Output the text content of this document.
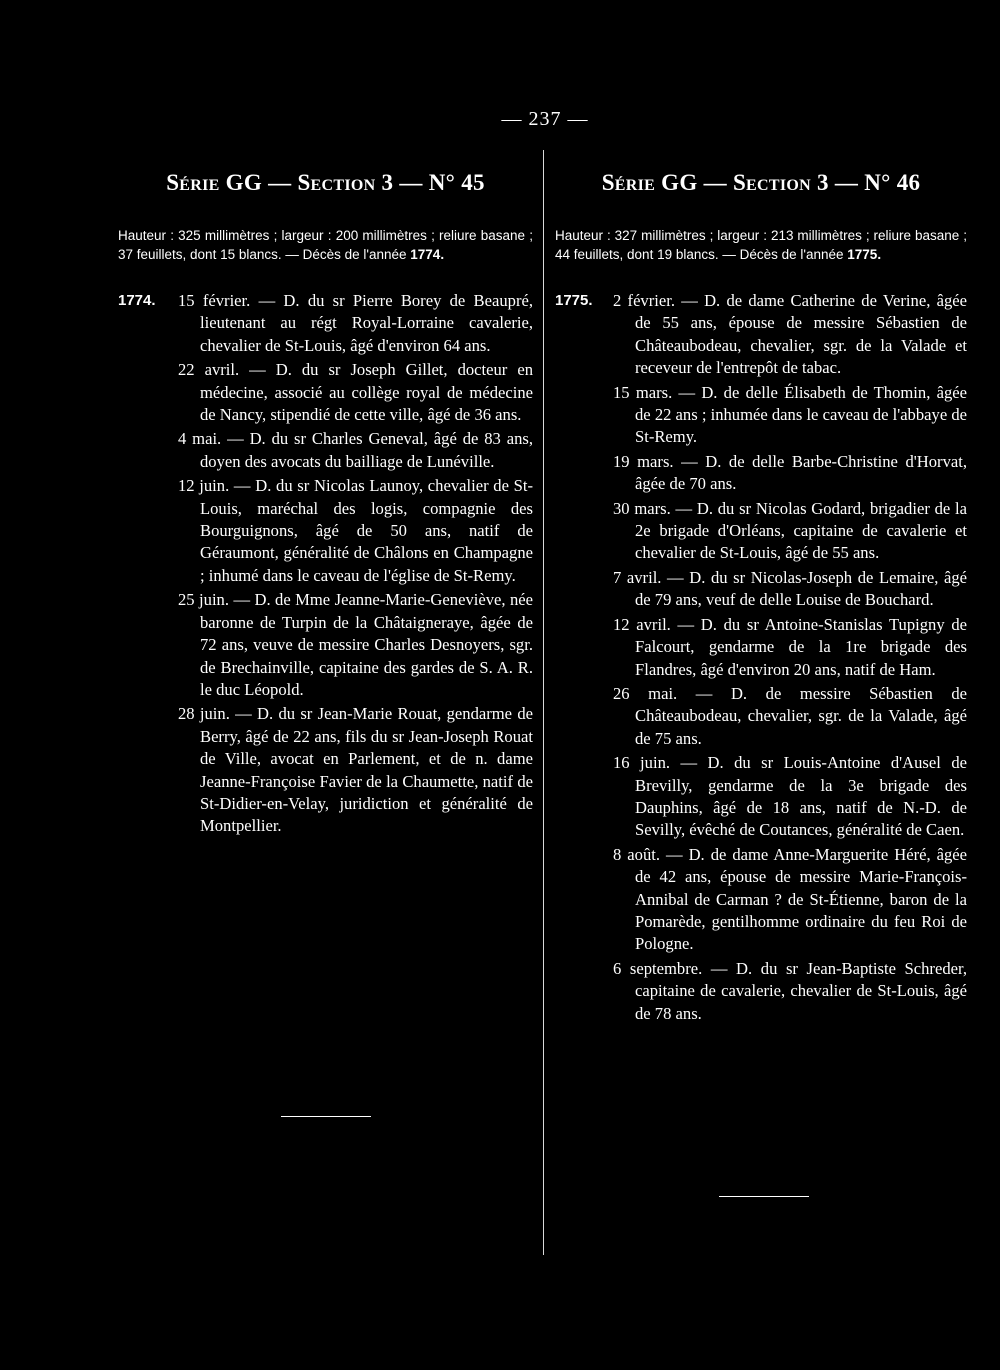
— 237 —
Série GG — Section 3 — N° 45

Hauteur : 325 millimètres ; largeur : 200 millimètres ; reliure basane ; 37 feuillets, dont 15 blancs. — Décès de l'année 1774.

1774. 15 février. — D. du sr Pierre Borey de Beaupré, lieutenant au régt Royal-Lorraine cavalerie, chevalier de St-Louis, âgé d'environ 64 ans.

22 avril. — D. du sr Joseph Gillet, docteur en médecine, associé au collège royal de médecine de Nancy, stipendié de cette ville, âgé de 36 ans.

4 mai. — D. du sr Charles Geneval, âgé de 83 ans, doyen des avocats du bailliage de Lunéville.

12 juin. — D. du sr Nicolas Launoy, chevalier de St-Louis, maréchal des logis, compagnie des Bourguignons, âgé de 50 ans, natif de Géraumont, généralité de Châlons en Champagne ; inhumé dans le caveau de l'église de St-Remy.

25 juin. — D. de Mme Jeanne-Marie-Geneviève, née baronne de Turpin de la Châtaigneraye, âgée de 72 ans, veuve de messire Charles Desnoyers, sgr. de Brechainville, capitaine des gardes de S. A. R. le duc Léopold.

28 juin. — D. du sr Jean-Marie Rouat, gendarme de Berry, âgé de 22 ans, fils du sr Jean-Joseph Rouat de Ville, avocat en Parlement, et de n. dame Jeanne-Françoise Favier de la Chaumette, natif de St-Didier-en-Velay, juridiction et généralité de Montpellier.

Série GG — Section 3 — N° 46

Hauteur : 327 millimètres ; largeur : 213 millimètres ; reliure basane ; 44 feuillets, dont 19 blancs. — Décès de l'année 1775.

1775. 2 février. — D. de dame Catherine de Verine, âgée de 55 ans, épouse de messire Sébastien de Châteaubodeau, chevalier, sgr. de la Valade et receveur de l'entrepôt de tabac.

15 mars. — D. de delle Élisabeth de Thomin, âgée de 22 ans ; inhumée dans le caveau de l'abbaye de St-Remy.

19 mars. — D. de delle Barbe-Christine d'Horvat, âgée de 70 ans.

30 mars. — D. du sr Nicolas Godard, brigadier de la 2e brigade d'Orléans, capitaine de cavalerie et chevalier de St-Louis, âgé de 55 ans.

7 avril. — D. du sr Nicolas-Joseph de Lemaire, âgé de 79 ans, veuf de delle Louise de Bouchard.

12 avril. — D. du sr Antoine-Stanislas Tupigny de Falcourt, gendarme de la 1re brigade des Flandres, âgé d'environ 20 ans, natif de Ham.

26 mai. — D. de messire Sébastien de Châteaubodeau, chevalier, sgr. de la Valade, âgé de 75 ans.

16 juin. — D. du sr Louis-Antoine d'Ausel de Brevilly, gendarme de la 3e brigade des Dauphins, âgé de 18 ans, natif de N.-D. de Sevilly, évêché de Coutances, généralité de Caen.

8 août. — D. de dame Anne-Marguerite Héré, âgée de 42 ans, épouse de messire Marie-François-Annibal de Carman ? de St-Étienne, baron de la Pomarède, gentilhomme ordinaire du feu Roi de Pologne.

6 septembre. — D. du sr Jean-Baptiste Schreder, capitaine de cavalerie, chevalier de St-Louis, âgé de 78 ans.
